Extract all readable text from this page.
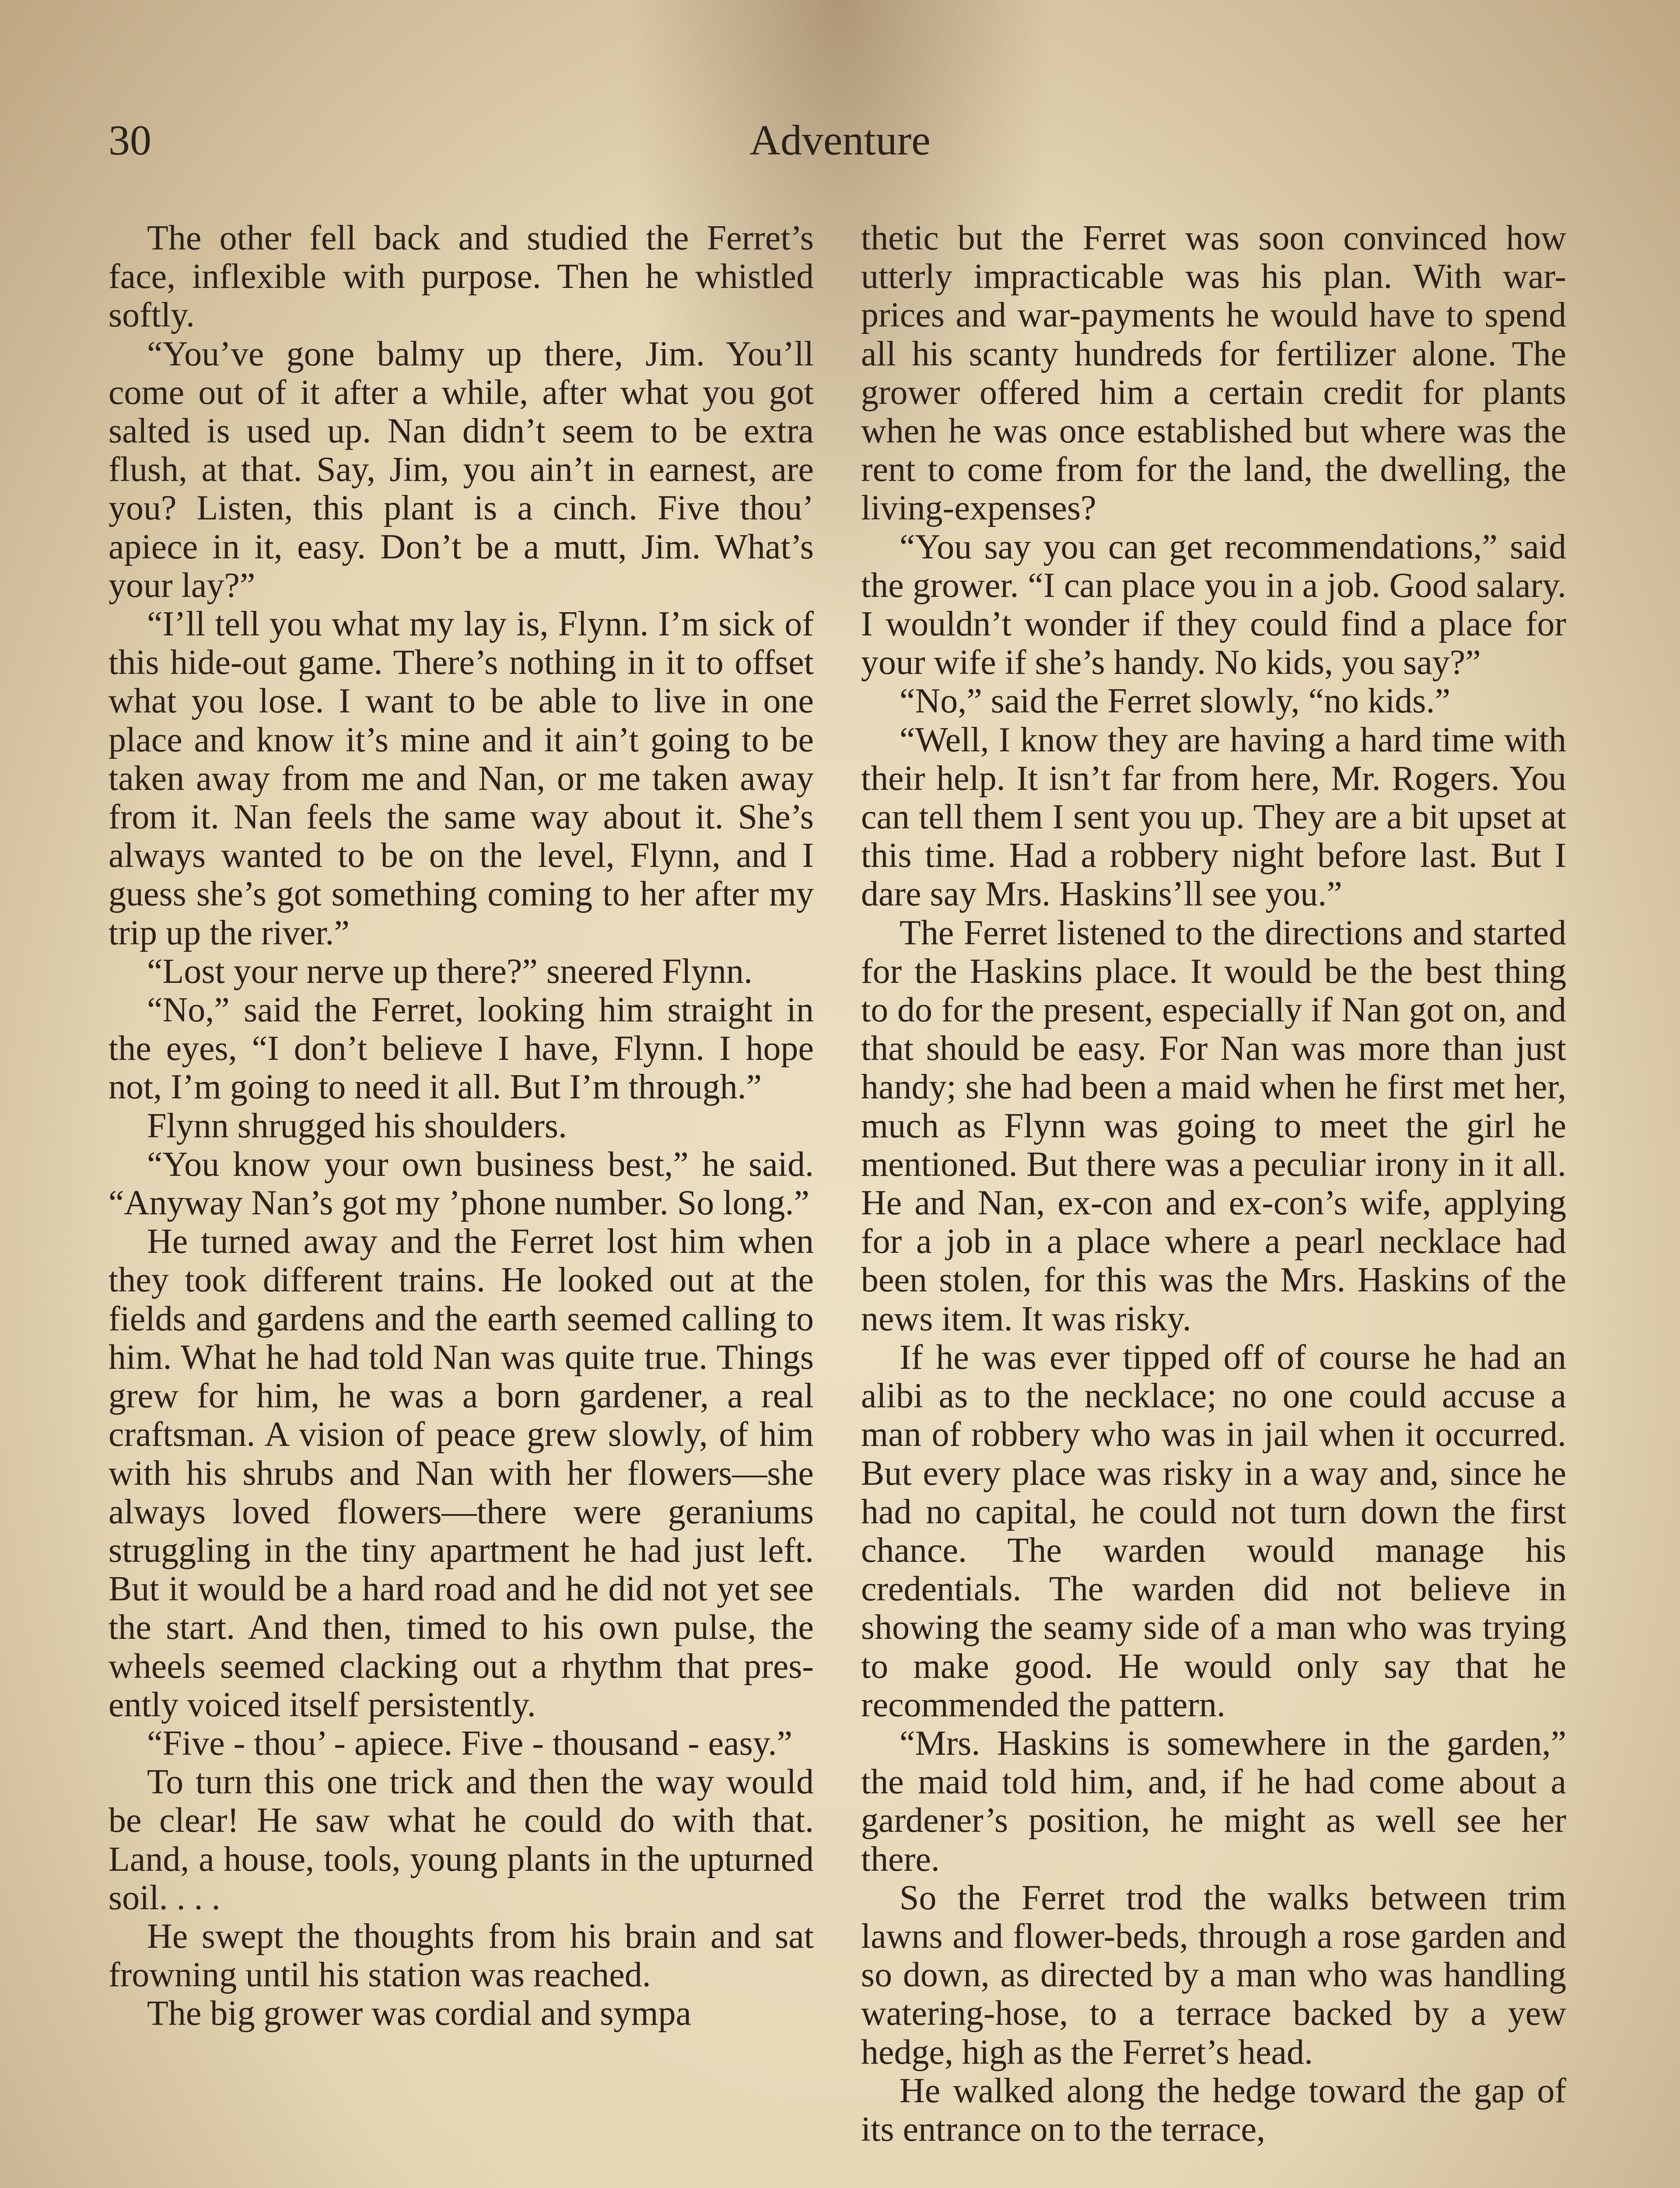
30	Adventure

The other fell back and studied the Ferret’s face, inflexible with purpose. Then he whistled softly.

“You’ve gone balmy up there, Jim. You’ll come out of it after a while, after what you got salted is used up. Nan didn’t seem to be extra flush, at that. Say, Jim, you ain’t in earnest, are you? Listen, this plant is a cinch. Five thou’ apiece in it, easy. Don’t be a mutt, Jim. What’s your lay?”

“I’ll tell you what my lay is, Flynn. I’m sick of this hide-out game. There’s nothing in it to offset what you lose. I want to be able to live in one place and know it’s mine and it ain’t going to be taken away from me and Nan, or me taken away from it. Nan feels the same way about it. She’s always wanted to be on the level, Flynn, and I guess she’s got something coming to her after my trip up the river.”

“Lost your nerve up there?” sneered Flynn.

“No,” said the Ferret, looking him straight in the eyes, “I don’t believe I have, Flynn. I hope not, I’m going to need it all. But I’m through.”

Flynn shrugged his shoulders.

“You know your own business best,” he said. “Anyway Nan’s got my ’phone number. So long.”

He turned away and the Ferret lost him when they took different trains. He looked out at the fields and gardens and the earth seemed calling to him. What he had told Nan was quite true. Things grew for him, he was a born gardener, a real craftsman. A vision of peace grew slowly, of him with his shrubs and Nan with her flowers—she always loved flowers—there were geraniums struggling in the tiny apartment he had just left. But it would be a hard road and he did not yet see the start. And then, timed to his own pulse, the wheels seemed clacking out a rhythm that presently voiced itself persistently.

“Five - thou’ - apiece. Five - thousand - easy.”

To turn this one trick and then the way would be clear! He saw what he could do with that. Land, a house, tools, young plants in the upturned soil. . . .

He swept the thoughts from his brain and sat frowning until his station was reached.

The big grower was cordial and sympa

thetic but the Ferret was soon convinced how utterly impracticable was his plan. With war-prices and war-payments he would have to spend all his scanty hundreds for fertilizer alone. The grower offered him a certain credit for plants when he was once established but where was the rent to come from for the land, the dwelling, the living-expenses?

“You say you can get recommendations,” said the grower. “I can place you in a job. Good salary. I wouldn’t wonder if they could find a place for your wife if she’s handy. No kids, you say?”

“No,” said the Ferret slowly, “no kids.”

“Well, I know they are having a hard time with their help. It isn’t far from here, Mr. Rogers. You can tell them I sent you up. They are a bit upset at this time. Had a robbery night before last. But I dare say Mrs. Haskins’ll see you.”

The Ferret listened to the directions and started for the Haskins place. It would be the best thing to do for the present, especially if Nan got on, and that should be easy. For Nan was more than just handy; she had been a maid when he first met her, much as Flynn was going to meet the girl he mentioned. But there was a peculiar irony in it all. He and Nan, ex-con and ex-con’s wife, applying for a job in a place where a pearl necklace had been stolen, for this was the Mrs. Haskins of the news item. It was risky.

If he was ever tipped off of course he had an alibi as to the necklace; no one could accuse a man of robbery who was in jail when it occurred. But every place was risky in a way and, since he had no capital, he could not turn down the first chance. The warden would manage his credentials. The warden did not believe in showing the seamy side of a man who was trying to make good. He would only say that he recommended the pattern.

“Mrs. Haskins is somewhere in the garden,” the maid told him, and, if he had come about a gardener’s position, he might as well see her there.

So the Ferret trod the walks between trim lawns and flower-beds, through a rose garden and so down, as directed by a man who was handling watering-hose, to a terrace backed by a yew hedge, high as the Ferret’s head.

He walked along the hedge toward the gap of its entrance on to the terrace,
